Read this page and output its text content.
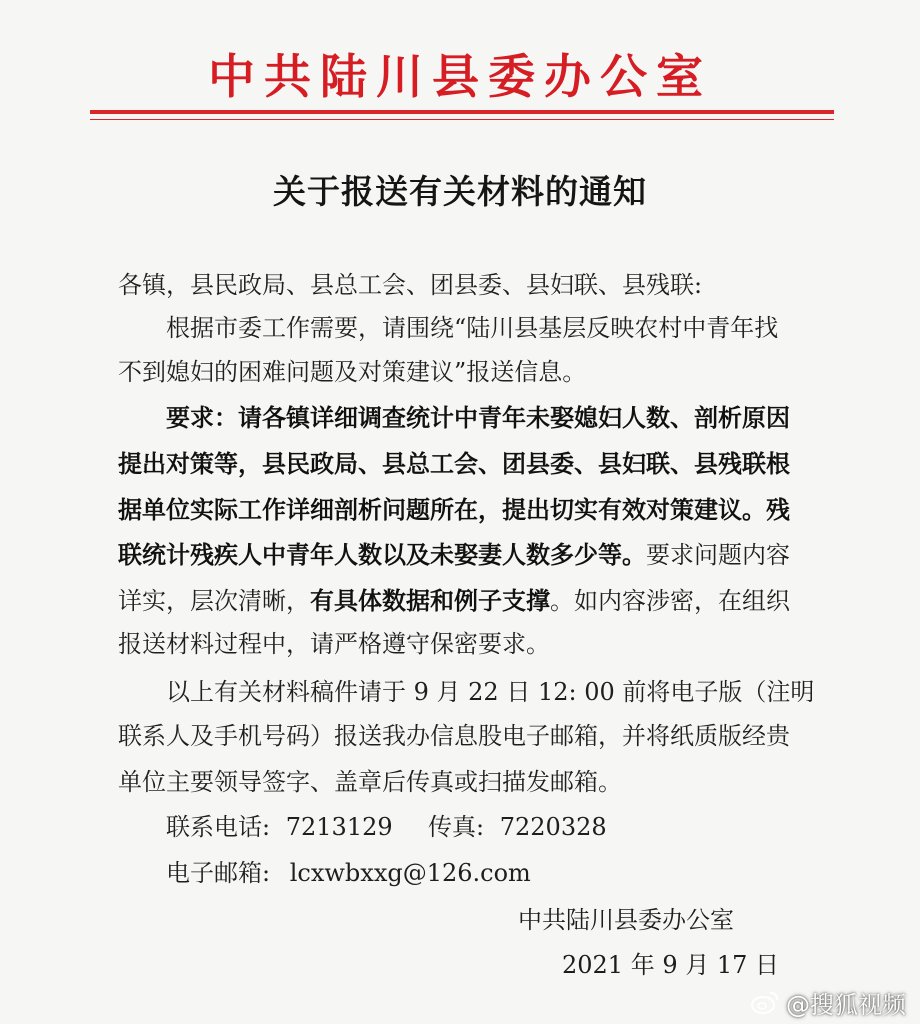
中共陆川县委办公室
关于报送有关材料的通知
各镇，县民政局、县总工会、团县委、县妇联、县残联:
根据市委工作需要，请围绕“陆川县基层反映农村中青年找
不到媳妇的困难问题及对策建议”报送信息。
要求：请各镇详细调查统计中青年未娶媳妇人数、剖析原因
提出对策等，县民政局、县总工会、团县委、县妇联、县残联根
据单位实际工作详细剖析问题所在，提出切实有效对策建议。残
联统计残疾人中青年人数以及未娶妻人数多少等。要求问题内容
详实，层次清晰，有具体数据和例子支撑。如内容涉密，在组织
报送材料过程中，请严格遵守保密要求。
以上有关材料稿件请于 9 月 22 日 12: 00 前将电子版（注明
联系人及手机号码）报送我办信息股电子邮箱，并将纸质版经贵
单位主要领导签字、盖章后传真或扫描发邮箱。
联系电话: 7213129 传真: 7220328
电子邮箱: lcxwbxxg@126.com
中共陆川县委办公室
2021 年 9 月 17 日
@搜狐视频
